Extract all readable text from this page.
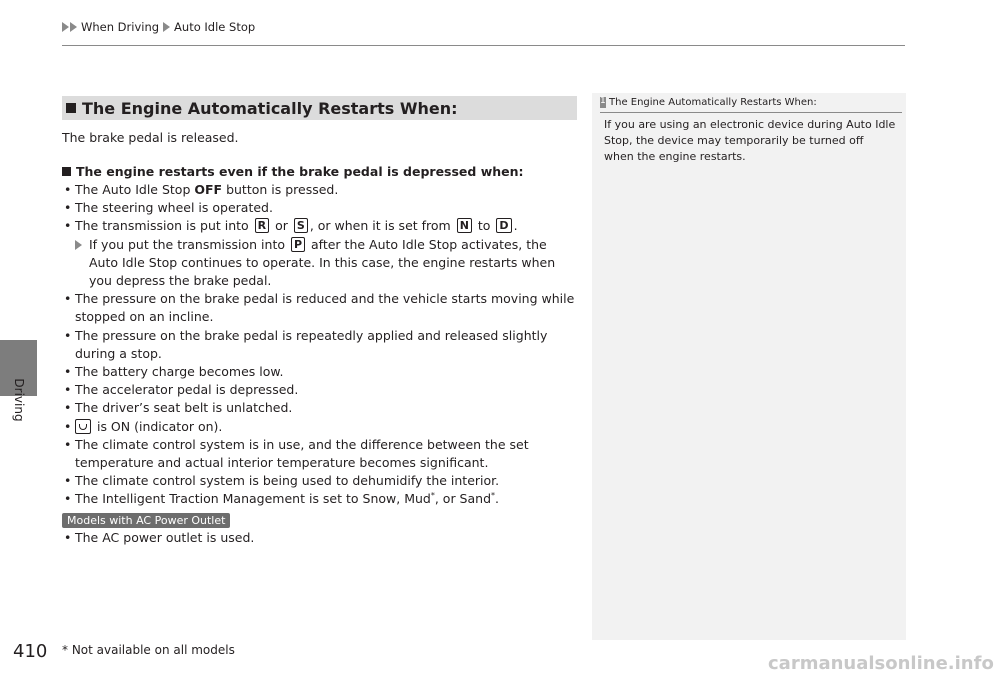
When Driving Auto Idle Stop
Driving
The Engine Automatically Restarts When:

The brake pedal is released.

The engine restarts even if the brake pedal is depressed when:
• The Auto Idle Stop OFF button is pressed.
• The steering wheel is operated.
• The transmission is put into R or S , or when it is set from N to D .
If you put the transmission into P after the Auto Idle Stop activates, the Auto Idle Stop continues to operate. In this case, the engine restarts when you depress the brake pedal.
• The pressure on the brake pedal is reduced and the vehicle starts moving while stopped on an incline.
• The pressure on the brake pedal is repeatedly applied and released slightly during a stop.
• The battery charge becomes low.
• The accelerator pedal is depressed.
• The driver’s seat belt is unlatched.
• is ON (indicator on).
• The climate control system is in use, and the difference between the set temperature and actual interior temperature becomes significant.
• The climate control system is being used to dehumidify the interior.
• The Intelligent Traction Management is set to Snow, Mud*, or Sand*.
Models with AC Power Outlet
• The AC power outlet is used.
1
The Engine Automatically Restarts When:

If you are using an electronic device during Auto Idle Stop, the device may temporarily be turned off when the engine restarts.

410 * Not available on all models
carmanualsonline.info
